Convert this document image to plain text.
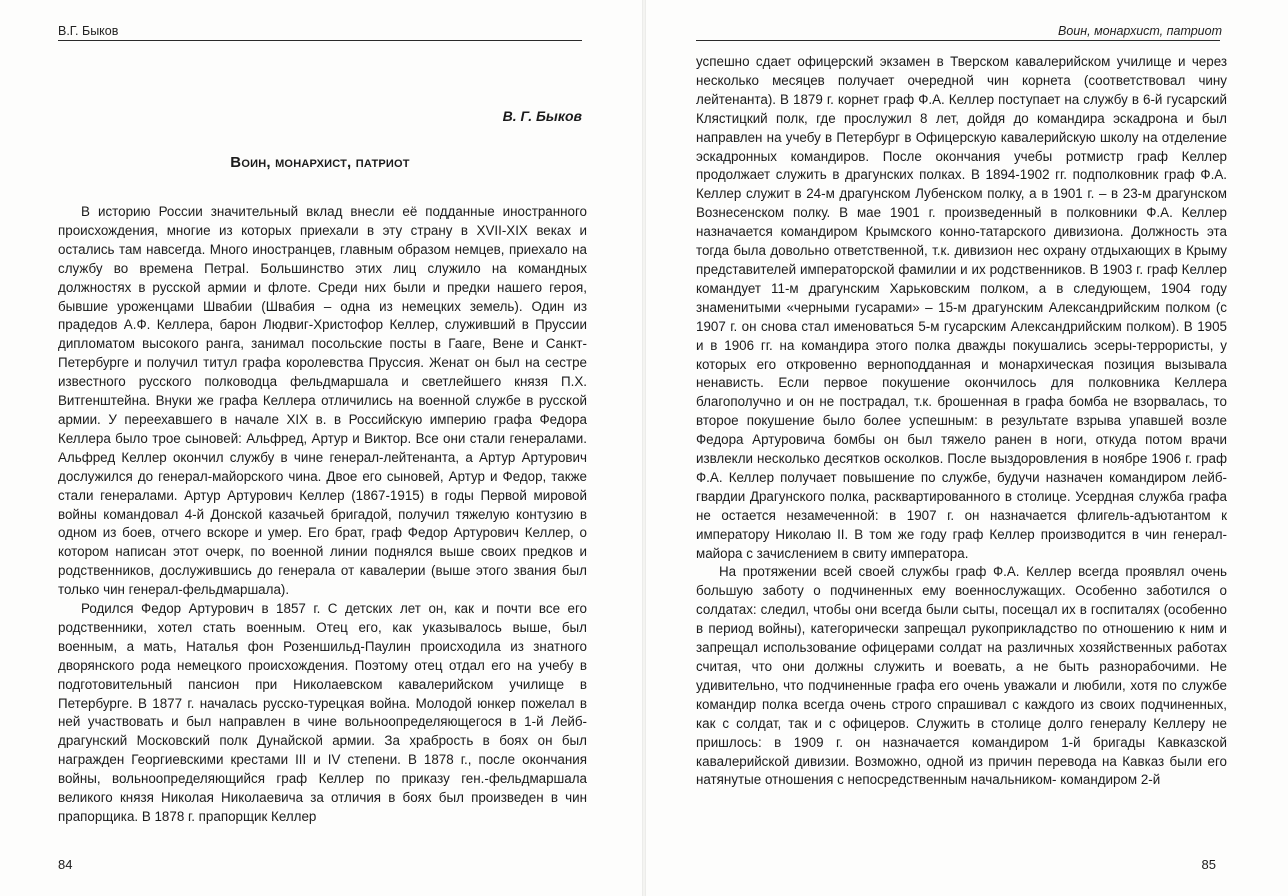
В.Г. Быков
В. Г. Быков
Воин, монархист, патриот

В историю России значительный вклад внесли её подданные иностранного происхождения, многие из которых приехали в эту страну в XVII-XIX веках и остались там навсегда. Много иностранцев, главным образом немцев, приехало на службу во времена ПетраI. Большинство этих лиц служило на командных должностях в русской армии и флоте. Среди них были и предки нашего героя, бывшие уроженцами Швабии (Швабия – одна из немецких земель). Один из прадедов А.Ф. Келлера, барон Людвиг-Христофор Келлер, служивший в Пруссии дипломатом высокого ранга, занимал посольские посты в Гааге, Вене и Санкт-Петербурге и получил титул графа королевства Пруссия. Женат он был на сестре известного русского полководца фельдмаршала и светлейшего князя П.Х. Витгенштейна. Внуки же графа Келлера отличились на военной службе в русской армии. У переехавшего в начале XIX в. в Российскую империю графа Федора Келлера было трое сыновей: Альфред, Артур и Виктор. Все они стали генералами. Альфред Келлер окончил службу в чине генерал-лейтенанта, а Артур Артурович дослужился до генерал-майорского чина. Двое его сыновей, Артур и Федор, также стали генералами. Артур Артурович Келлер (1867-1915) в годы Первой мировой войны командовал 4-й Донской казачьей бригадой, получил тяжелую контузию в одном из боев, отчего вскоре и умер. Его брат, граф Федор Артурович Келлер, о котором написан этот очерк, по военной линии поднялся выше своих предков и родственников, дослужившись до генерала от кавалерии (выше этого звания был только чин генерал-фельдмаршала).

Родился Федор Артурович в 1857 г. С детских лет он, как и почти все его родственники, хотел стать военным. Отец его, как указывалось выше, был военным, а мать, Наталья фон Розеншильд-Паулин происходила из знатного дворянского рода немецкого происхождения. Поэтому отец отдал его на учебу в подготовительный пансион при Николаевском кавалерийском училище в Петербурге. В 1877 г. началась русско-турецкая война. Молодой юнкер пожелал в ней участвовать и был направлен в чине вольноопределяющегося в 1-й Лейб-драгунский Московский полк Дунайской армии. За храбрость в боях он был награжден Георгиевскими крестами III и IV степени. В 1878 г., после окончания войны, вольноопределяющийся граф Келлер по приказу ген.-фельдмаршала великого князя Николая Николаевича за отличия в боях был произведен в чин прапорщика. В 1878 г. прапорщик Келлер

84
Воин, монархист, патриот

успешно сдает офицерский экзамен в Тверском кавалерийском училище и через несколько месяцев получает очередной чин корнета (соответствовал чину лейтенанта). В 1879 г. корнет граф Ф.А. Келлер поступает на службу в 6-й гусарский Клястицкий полк, где прослужил 8 лет, дойдя до командира эскадрона и был направлен на учебу в Петербург в Офицерскую кавалерийскую школу на отделение эскадронных командиров. После окончания учебы ротмистр граф Келлер продолжает служить в драгунских полках. В 1894-1902 гг. подполковник граф Ф.А. Келлер служит в 24-м драгунском Лубенском полку, а в 1901 г. – в 23-м драгунском Вознесенском полку. В мае 1901 г. произведенный в полковники Ф.А. Келлер назначается командиром Крымского конно-татарского дивизиона. Должность эта тогда была довольно ответственной, т.к. дивизион нес охрану отдыхающих в Крыму представителей императорской фамилии и их родственников. В 1903 г. граф Келлер командует 11-м драгунским Харьковским полком, а в следующем, 1904 году знаменитыми «черными гусарами» – 15-м драгунским Александрийским полком (с 1907 г. он снова стал именоваться 5-м гусарским Александрийским полком). В 1905 и в 1906 гг. на командира этого полка дважды покушались эсеры-террористы, у которых его откровенно верноподданная и монархическая позиция вызывала ненависть. Если первое покушение окончилось для полковника Келлера благополучно и он не пострадал, т.к. брошенная в графа бомба не взорвалась, то второе покушение было более успешным: в результате взрыва упавшей возле Федора Артуровича бомбы он был тяжело ранен в ноги, откуда потом врачи извлекли несколько десятков осколков. После выздоровления в ноябре 1906 г. граф Ф.А. Келлер получает повышение по службе, будучи назначен командиром лейб-гвардии Драгунского полка, расквартированного в столице. Усердная служба графа не остается незамеченной: в 1907 г. он назначается флигель-адъютантом к императору Николаю II. В том же году граф Келлер производится в чин генерал-майора с зачислением в свиту императора.

На протяжении всей своей службы граф Ф.А. Келлер всегда проявлял очень большую заботу о подчиненных ему военнослужащих. Особенно заботился о солдатах: следил, чтобы они всегда были сыты, посещал их в госпиталях (особенно в период войны), категорически запрещал рукоприкладство по отношению к ним и запрещал использование офицерами солдат на различных хозяйственных работах считая, что они должны служить и воевать, а не быть разнорабочими. Не удивительно, что подчиненные графа его очень уважали и любили, хотя по службе командир полка всегда очень строго спрашивал с каждого из своих подчиненных, как с солдат, так и с офицеров. Служить в столице долго генералу Келлеру не пришлось: в 1909 г. он назначается командиром 1-й бригады Кавказской кавалерийской дивизии. Возможно, одной из причин перевода на Кавказ были его натянутые отношения с непосредственным начальником- командиром 2-й

85
